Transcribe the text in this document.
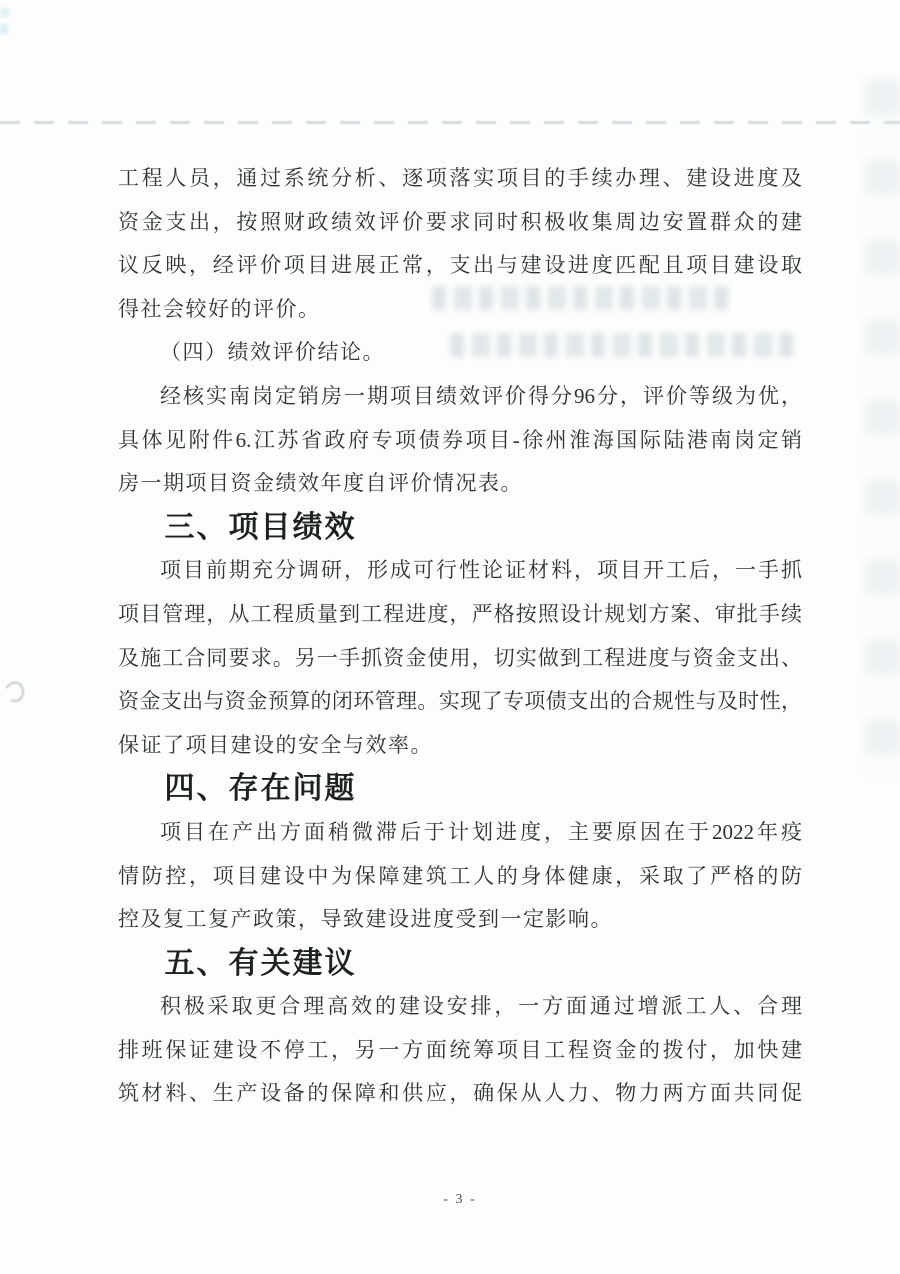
工程人员，通过系统分析、逐项落实项目的手续办理、建设进度及
资金支出，按照财政绩效评价要求同时积极收集周边安置群众的建
议反映，经评价项目进展正常，支出与建设进度匹配且项目建设取
得社会较好的评价。
（四）绩效评价结论。
经核实南岗定销房一期项目绩效评价得分96分，评价等级为优，
具体见附件6.江苏省政府专项债券项目-徐州淮海国际陆港南岗定销
房一期项目资金绩效年度自评价情况表。
三、项目绩效
项目前期充分调研，形成可行性论证材料，项目开工后，一手抓
项目管理，从工程质量到工程进度，严格按照设计规划方案、审批手续
及施工合同要求。另一手抓资金使用，切实做到工程进度与资金支出、
资金支出与资金预算的闭环管理。实现了专项债支出的合规性与及时性，
保证了项目建设的安全与效率。
四、存在问题
项目在产出方面稍微滞后于计划进度，主要原因在于2022年疫
情防控，项目建设中为保障建筑工人的身体健康，采取了严格的防
控及复工复产政策，导致建设进度受到一定影响。
五、有关建议
积极采取更合理高效的建设安排，一方面通过增派工人、合理
排班保证建设不停工，另一方面统筹项目工程资金的拨付，加快建
筑材料、生产设备的保障和供应，确保从人力、物力两方面共同促
- 3 -
